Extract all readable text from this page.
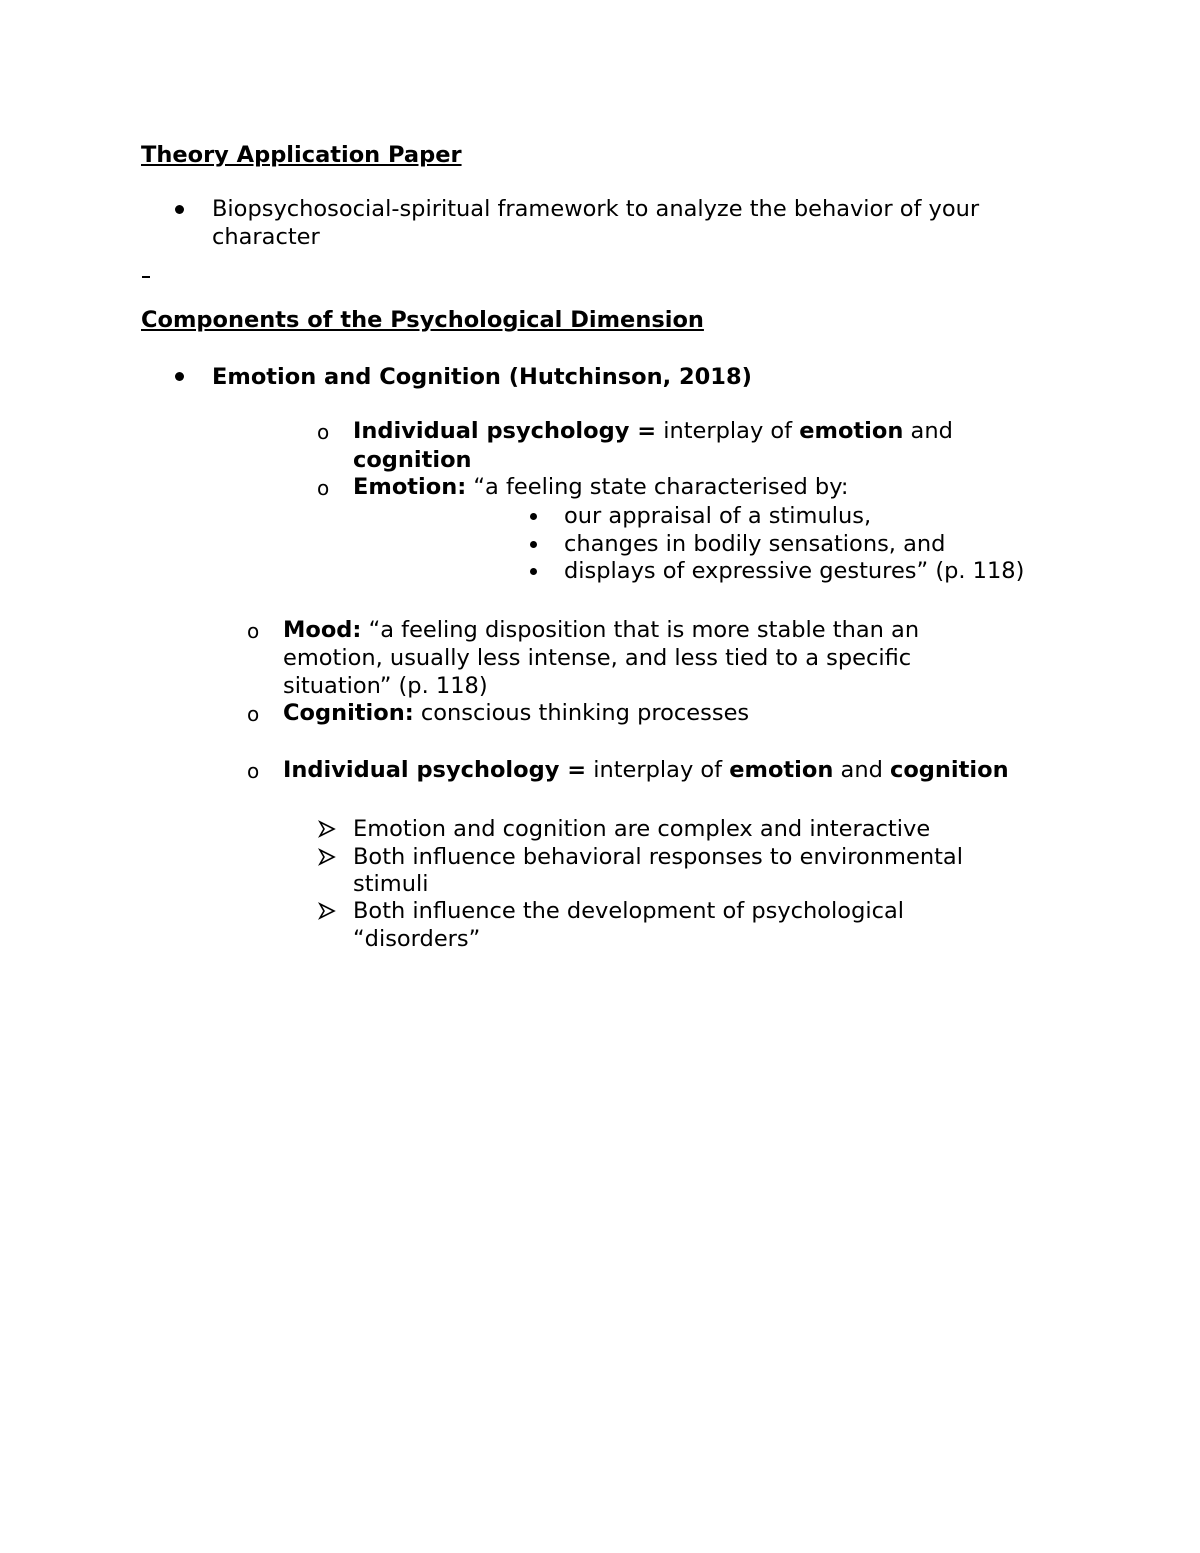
Theory Application Paper
Biopsychosocial-spiritual framework to analyze the behavior of your
character
Components of the Psychological Dimension
Emotion and Cognition (Hutchinson, 2018)
o Individual psychology = interplay of emotion and
cognition
o Emotion: “a feeling state characterised by:
our appraisal of a stimulus,
changes in bodily sensations, and
displays of expressive gestures” (p. 118)
o Mood: “a feeling disposition that is more stable than an
emotion, usually less intense, and less tied to a specific
situation” (p. 118)
o Cognition: conscious thinking processes
o Individual psychology = interplay of emotion and cognition
Emotion and cognition are complex and interactive
Both influence behavioral responses to environmental
stimuli
Both influence the development of psychological
“disorders”
